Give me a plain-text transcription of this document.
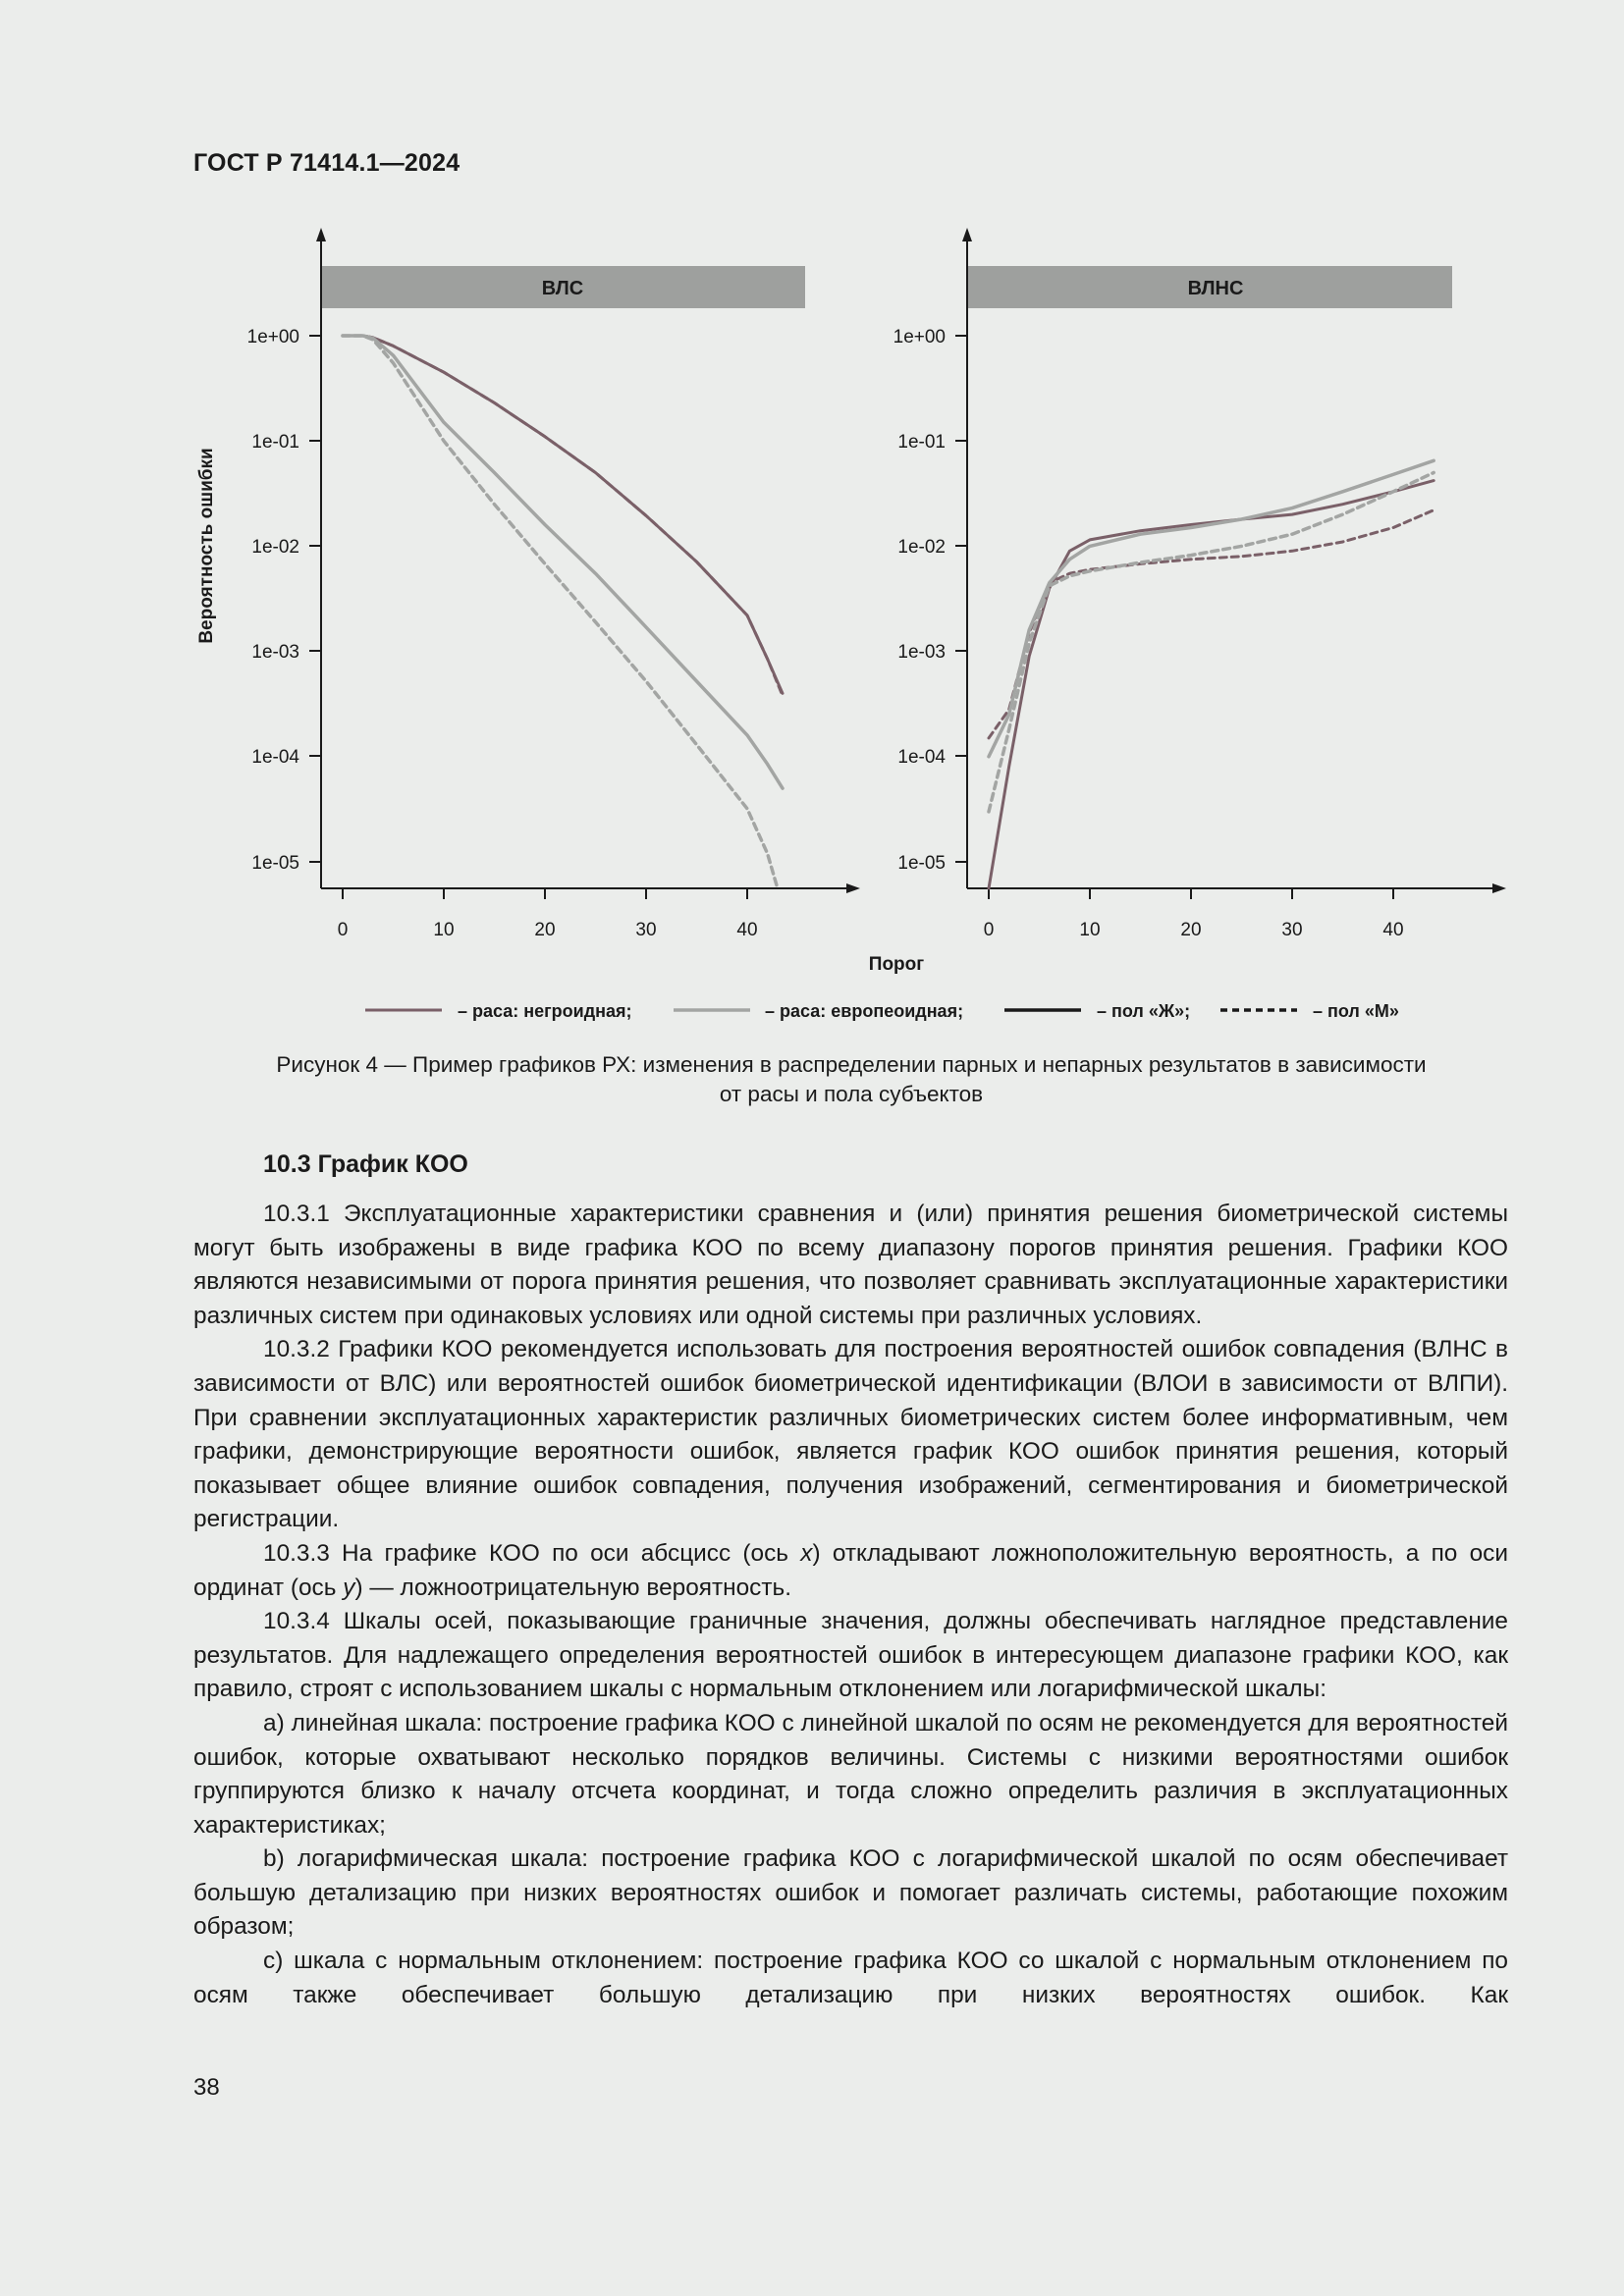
ГОСТ Р 71414.1—2024
ВЛС	ВЛНС
1e+00
1e-01
1e-02
1e-03
1e-04
1e-05
1e+00
1e-01
1e-02
1e-03
1e-04
1e-05
0	10	20	30	40	0	10	20	30	40
Вероятность ошибки
Порог
– раса: негроидная;	– раса: европеоидная;	– пол «Ж»;	– пол «М»
Рисунок 4 — Пример графиков РХ: изменения в распределении парных и непарных результатов в зависимости
от расы и пола субъектов
10.3 График КОО

10.3.1 Эксплуатационные характеристики сравнения и (или) принятия решения биометрической системы могут быть изображены в виде графика КОО по всему диапазону порогов принятия решения. Графики КОО являются независимыми от порога принятия решения, что позволяет сравнивать эксплуатационные характеристики различных систем при одинаковых условиях или одной системы при различных условиях.

10.3.2 Графики КОО рекомендуется использовать для построения вероятностей ошибок совпадения (ВЛНС в зависимости от ВЛС) или вероятностей ошибок биометрической идентификации (ВЛОИ в зависимости от ВЛПИ). При сравнении эксплуатационных характеристик различных биометрических систем более информативным, чем графики, демонстрирующие вероятности ошибок, является график КОО ошибок принятия решения, который показывает общее влияние ошибок совпадения, получения изображений, сегментирования и биометрической регистрации.

10.3.3 На графике КОО по оси абсцисс (ось x) откладывают ложноположительную вероятность, а по оси ординат (ось y) — ложноотрицательную вероятность.

10.3.4 Шкалы осей, показывающие граничные значения, должны обеспечивать наглядное представление результатов. Для надлежащего определения вероятностей ошибок в интересующем диапазоне графики КОО, как правило, строят с использованием шкалы с нормальным отклонением или логарифмической шкалы:

a) линейная шкала: построение графика КОО с линейной шкалой по осям не рекомендуется для вероятностей ошибок, которые охватывают несколько порядков величины. Системы с низкими вероятностями ошибок группируются близко к началу отсчета координат, и тогда сложно определить различия в эксплуатационных характеристиках;

b) логарифмическая шкала: построение графика КОО с логарифмической шкалой по осям обеспечивает большую детализацию при низких вероятностях ошибок и помогает различать системы, работающие похожим образом;

c) шкала с нормальным отклонением: построение графика КОО со шкалой с нормальным отклонением по осям также обеспечивает большую детализацию при низких вероятностях ошибок. Как

38
